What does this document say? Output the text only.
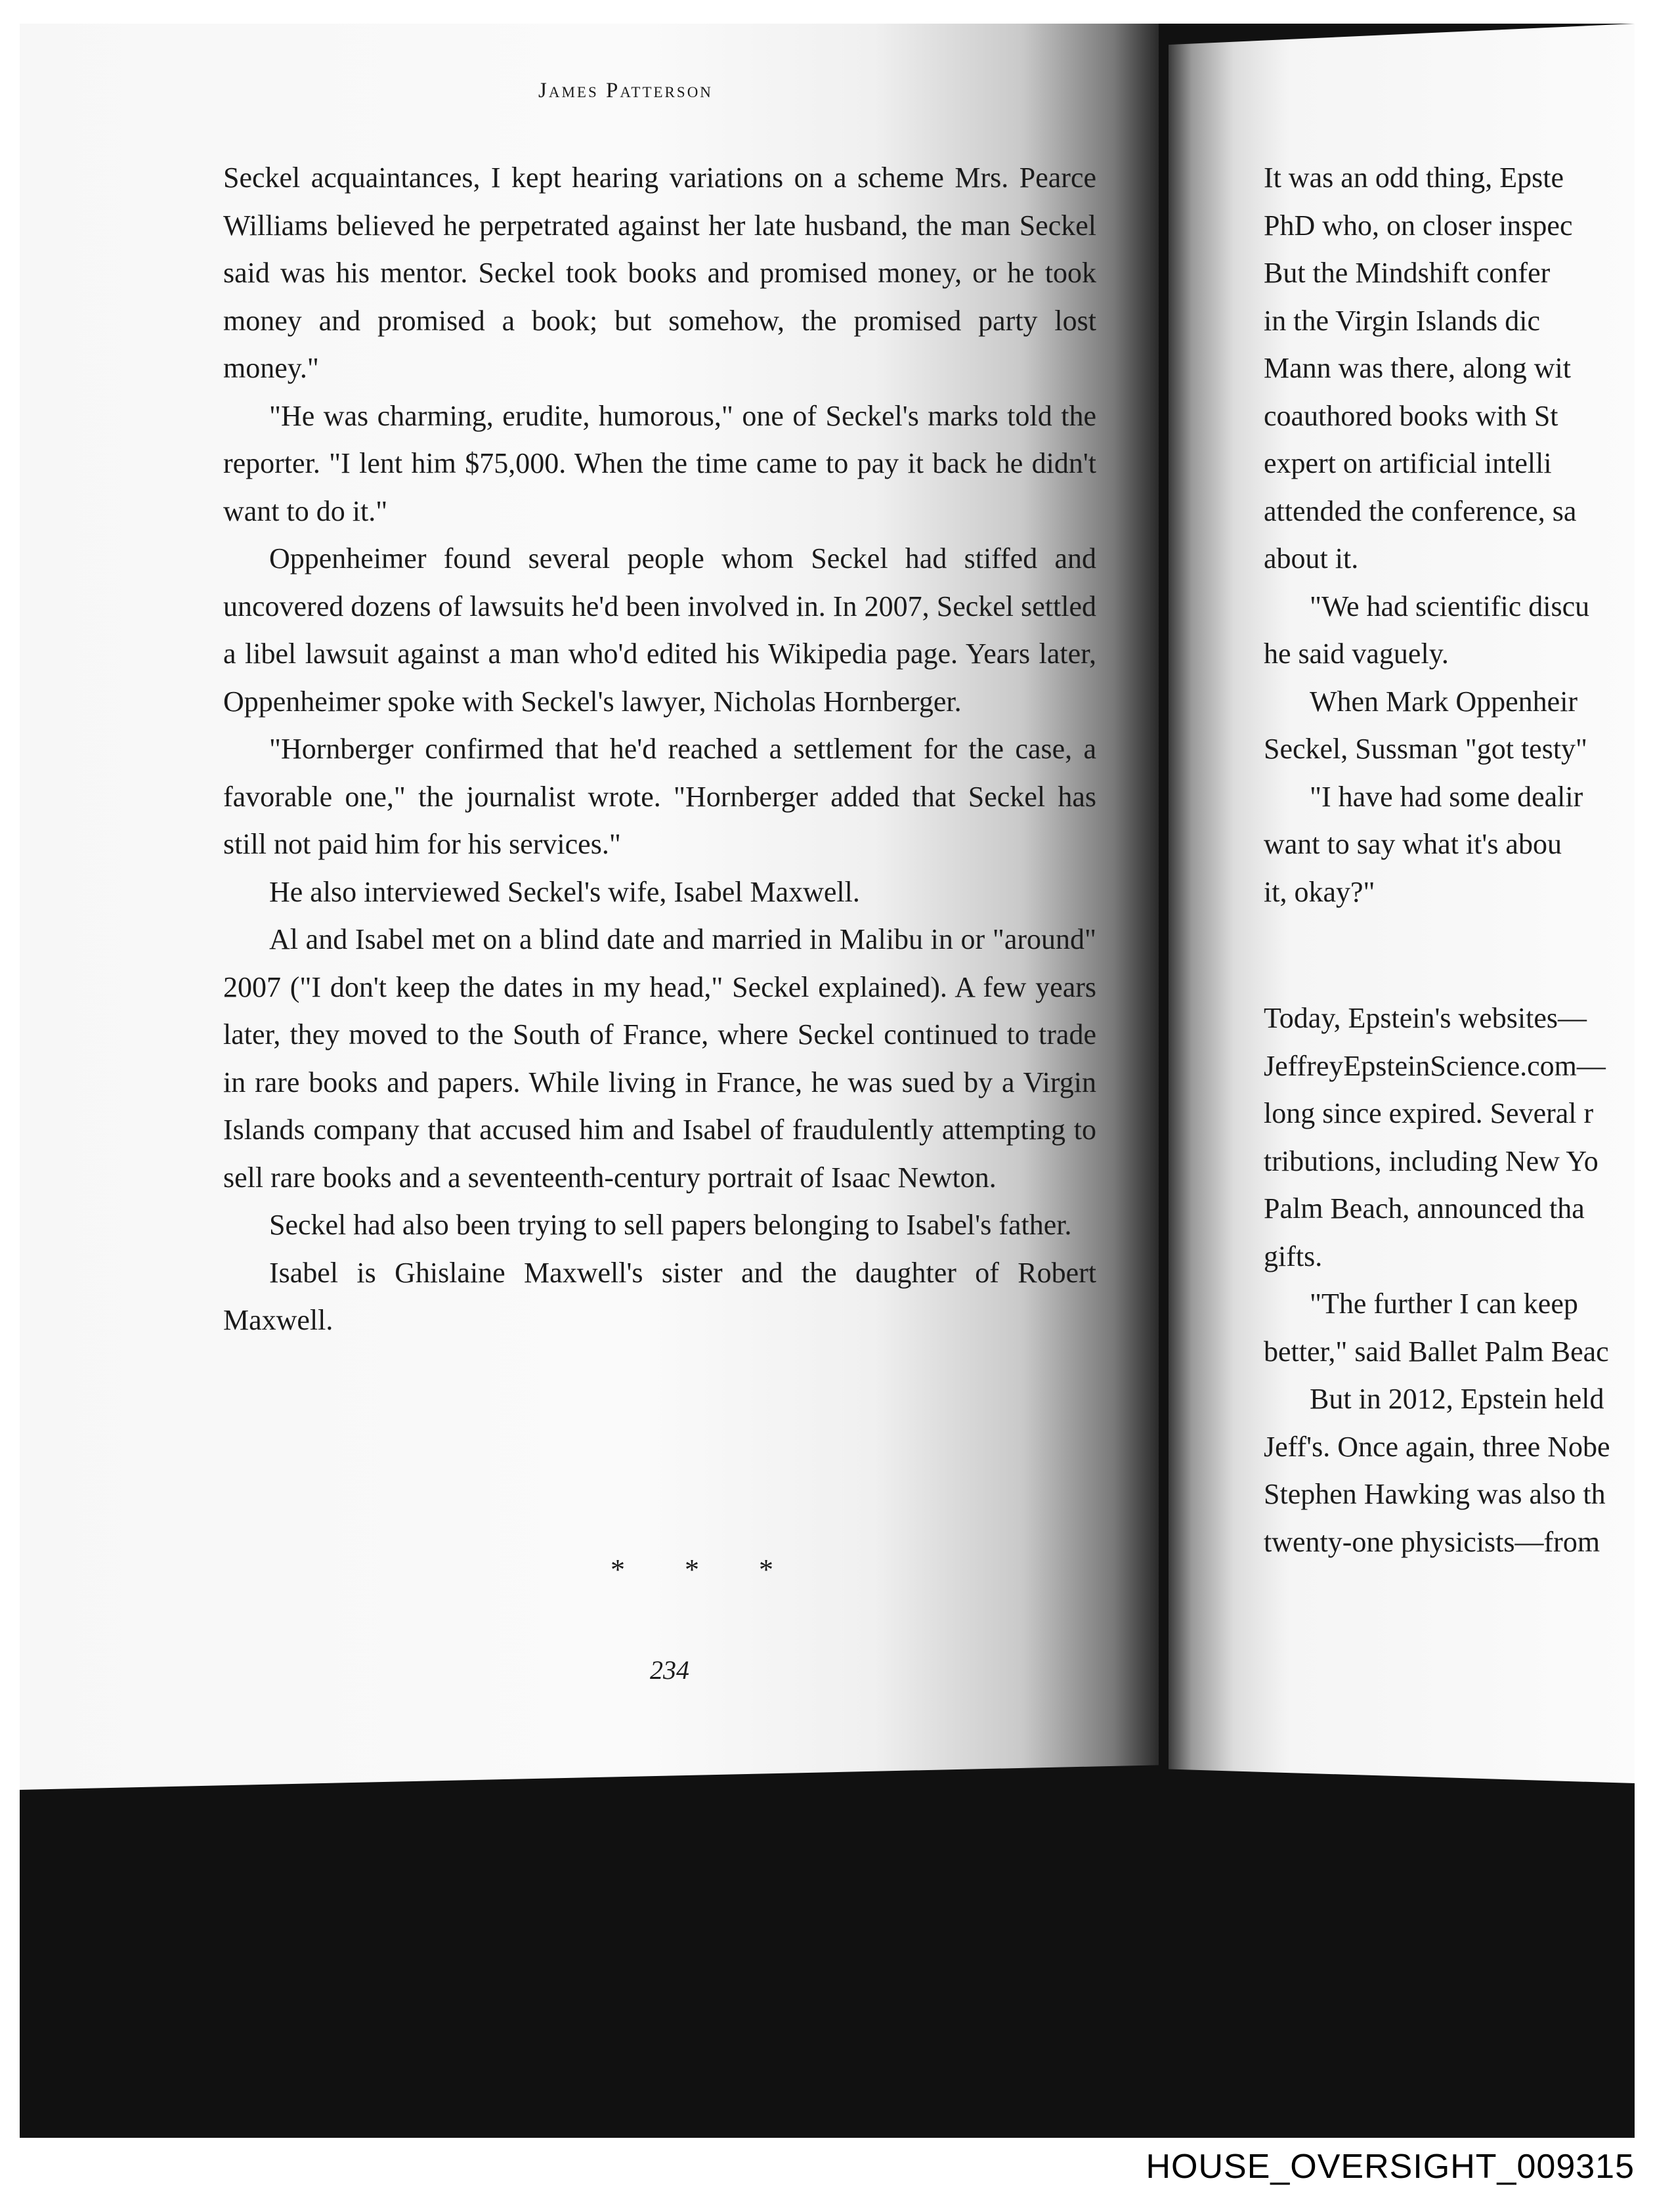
James Patterson

Seckel acquaintances, I kept hearing variations on a scheme Mrs. Pearce Williams believed he perpetrated against her late husband, the man Seckel said was his mentor. Seckel took books and promised money, or he took money and promised a book; but somehow, the promised party lost money."

"He was charming, erudite, humorous," one of Seckel's marks told the reporter. "I lent him $75,000. When the time came to pay it back he didn't want to do it."

Oppenheimer found several people whom Seckel had stiffed and uncovered dozens of lawsuits he'd been involved in. In 2007, Seckel settled a libel lawsuit against a man who'd edited his Wikipedia page. Years later, Oppenheimer spoke with Seckel's lawyer, Nicholas Hornberger.

"Hornberger confirmed that he'd reached a settlement for the case, a favorable one," the journalist wrote. "Hornberger added that Seckel has still not paid him for his services."

He also interviewed Seckel's wife, Isabel Maxwell.

Al and Isabel met on a blind date and married in Malibu in or "around" 2007 ("I don't keep the dates in my head," Seckel explained). A few years later, they moved to the South of France, where Seckel continued to trade in rare books and papers. While living in France, he was sued by a Virgin Islands company that accused him and Isabel of fraudulently attempting to sell rare books and a seventeenth-century portrait of Isaac Newton.

Seckel had also been trying to sell papers belonging to Isabel's father.

Isabel is Ghislaine Maxwell's sister and the daughter of Robert Maxwell.

* * *
234

It was an odd thing, Epste

PhD who, on closer inspec

But the Mindshift confer

in the Virgin Islands dic

Mann was there, along wit

coauthored books with St

expert on artificial intelli

attended the conference, sa

about it.

"We had scientific discu

he said vaguely.

When Mark Oppenheir

Seckel, Sussman "got testy"

"I have had some dealir

want to say what it's abou

it, okay?"

Today, Epstein's websites—

JeffreyEpsteinScience.com—

long since expired. Several r

tributions, including New Yo

Palm Beach, announced tha

gifts.

"The further I can keep

better," said Ballet Palm Beac

But in 2012, Epstein held

Jeff's. Once again, three Nobe

Stephen Hawking was also th

twenty-one physicists—from

HOUSE_OVERSIGHT_009315
